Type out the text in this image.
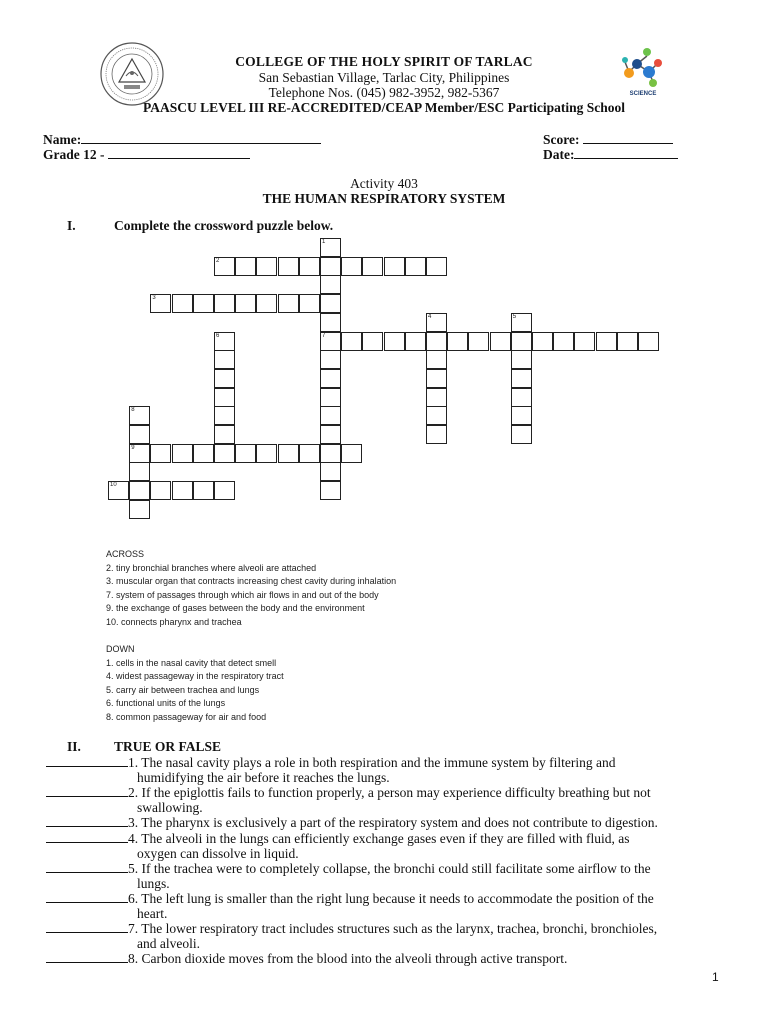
SCIENCE
COLLEGE OF THE HOLY SPIRIT OF TARLAC
San Sebastian Village, Tarlac City, Philippines
Telephone Nos. (045) 982-3952, 982-5367
PAASCU LEVEL III RE-ACCREDITED/CEAP Member/ESC Participating School
Name:
Grade 12 -
Score:
Date:
Activity 403
THE HUMAN RESPIRATORY SYSTEM
I.	Complete the crossword puzzle below.
2
3
7
9
10
1
4	5
6
8
ACROSS
2. tiny bronchial branches where alveoli are attached
3. muscular organ that contracts increasing chest cavity during inhalation
7. system of passages through which air flows in and out of the body
9. the exchange of gases between the body and the environment
10. connects pharynx and trachea
DOWN
1. cells in the nasal cavity that detect smell
4. widest passageway in the respiratory tract
5. carry air between trachea and lungs
6. functional units of the lungs
8. common passageway for air and food
II. TRUE OR FALSE
1. The nasal cavity plays a role in both respiration and the immune system by filtering and
humidifying the air before it reaches the lungs.
2. If the epiglottis fails to function properly, a person may experience difficulty breathing but not
swallowing.
3. The pharynx is exclusively a part of the respiratory system and does not contribute to digestion.
4. The alveoli in the lungs can efficiently exchange gases even if they are filled with fluid, as
oxygen can dissolve in liquid.
5. If the trachea were to completely collapse, the bronchi could still facilitate some airflow to the
lungs.
6. The left lung is smaller than the right lung because it needs to accommodate the position of the
heart.
7. The lower respiratory tract includes structures such as the larynx, trachea, bronchi, bronchioles,
and alveoli.
8. Carbon dioxide moves from the blood into the alveoli through active transport.
1
